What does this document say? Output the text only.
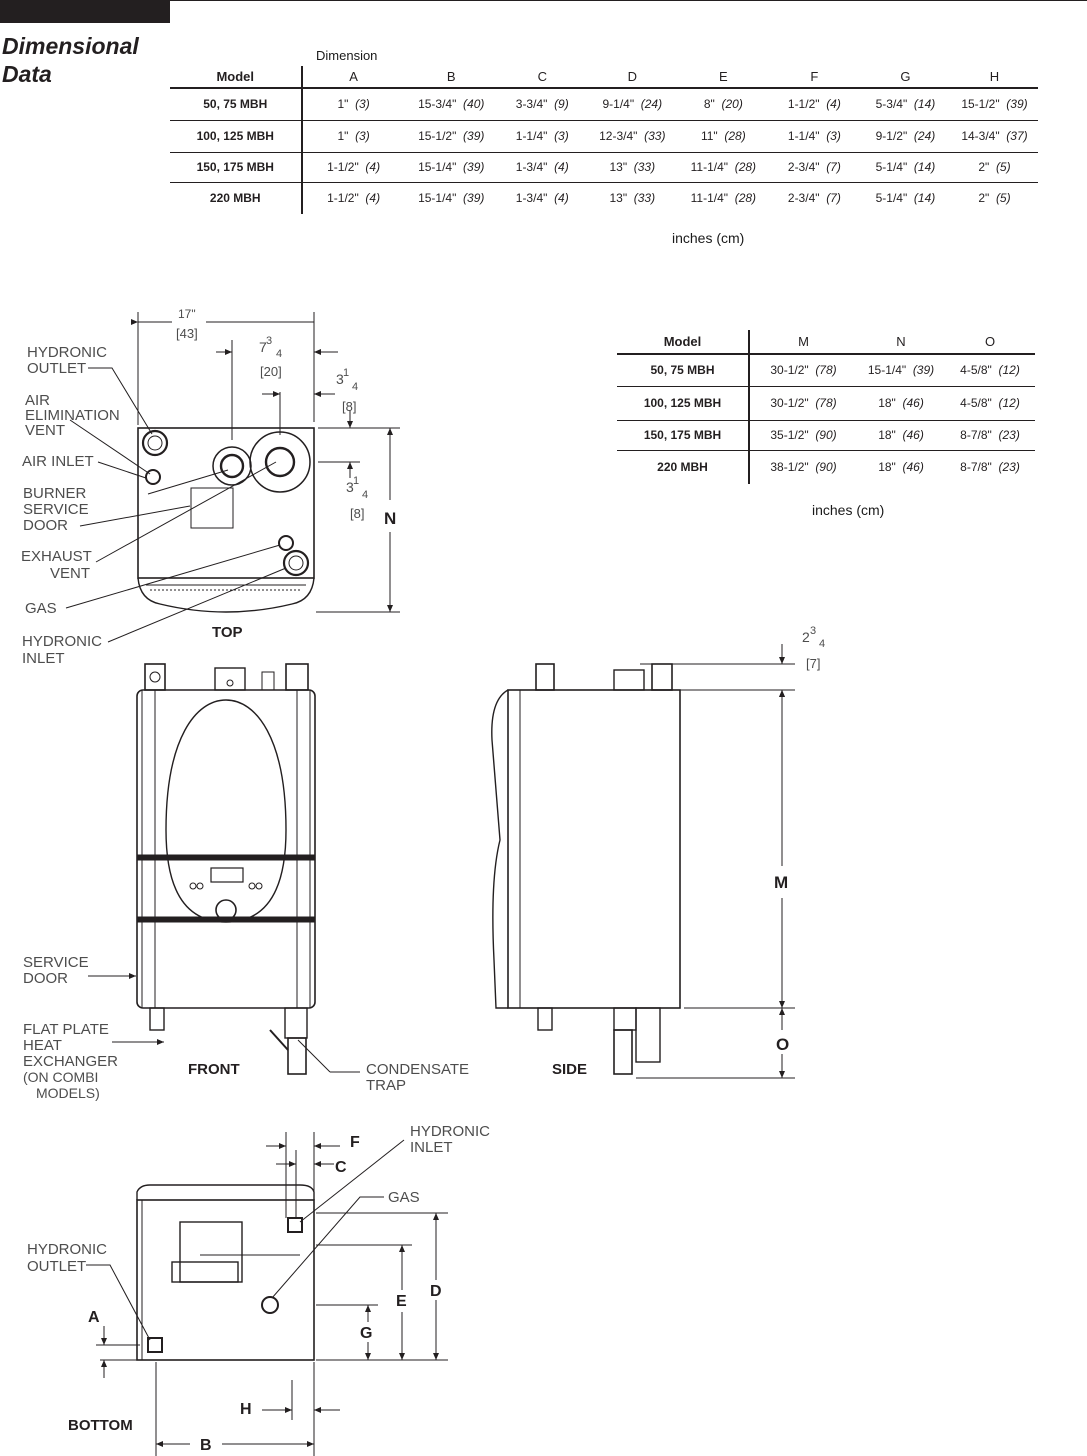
Dimensional
Data
Dimension
Model	A	B	C	D	E	F	G	H
50, 75 MBH	1" (3)	15-3/4" (40)	3-3/4" (9)	9-1/4" (24)	8" (20)	1-1/2" (4)	5-3/4" (14)	15-1/2" (39)
100, 125 MBH	1" (3)	15-1/2" (39)	1-1/4" (3)	12-3/4" (33)	11" (28)	1-1/4" (3)	9-1/2" (24)	14-3/4" (37)
150, 175 MBH	1-1/2" (4)	15-1/4" (39)	1-3/4" (4)	13" (33)	11-1/4" (28)	2-3/4" (7)	5-1/4" (14)	2" (5)
220 MBH	1-1/2" (4)	15-1/4" (39)	1-3/4" (4)	13" (33)	11-1/4" (28)	2-3/4" (7)	5-1/4" (14)	2" (5)
inches (cm)
Model	M	N	O
50, 75 MBH	30-1/2" (78)	15-1/4" (39)	4-5/8" (12)
100, 125 MBH	30-1/2" (78)	18" (46)	4-5/8" (12)
150, 175 MBH	35-1/2" (90)	18" (46)	8-7/8" (23)
220 MBH	38-1/2" (90)	18" (46)	8-7/8" (23)
inches (cm)
17"
[43]
7 3
4
[20]	3 1
4
[8]
3 1
4
[8] N
HYDRONIC
OUTLET
AIR
ELIMINATION
VENT
AIR INLET
BURNER
SERVICE
DOOR
EXHAUST
VENT
GAS
HYDRONIC
INLET
TOP
SERVICE
DOOR
FLAT PLATE
HEAT
EXCHANGER
(ON COMBI
MODELS)
CONDENSATE
TRAP
FRONT
2 3
4
[7]
M
O
SIDE
HYDRONIC
INLET
GAS
HYDRONIC
OUTLET
F
C
D
E
G
A
H
B
BOTTOM
